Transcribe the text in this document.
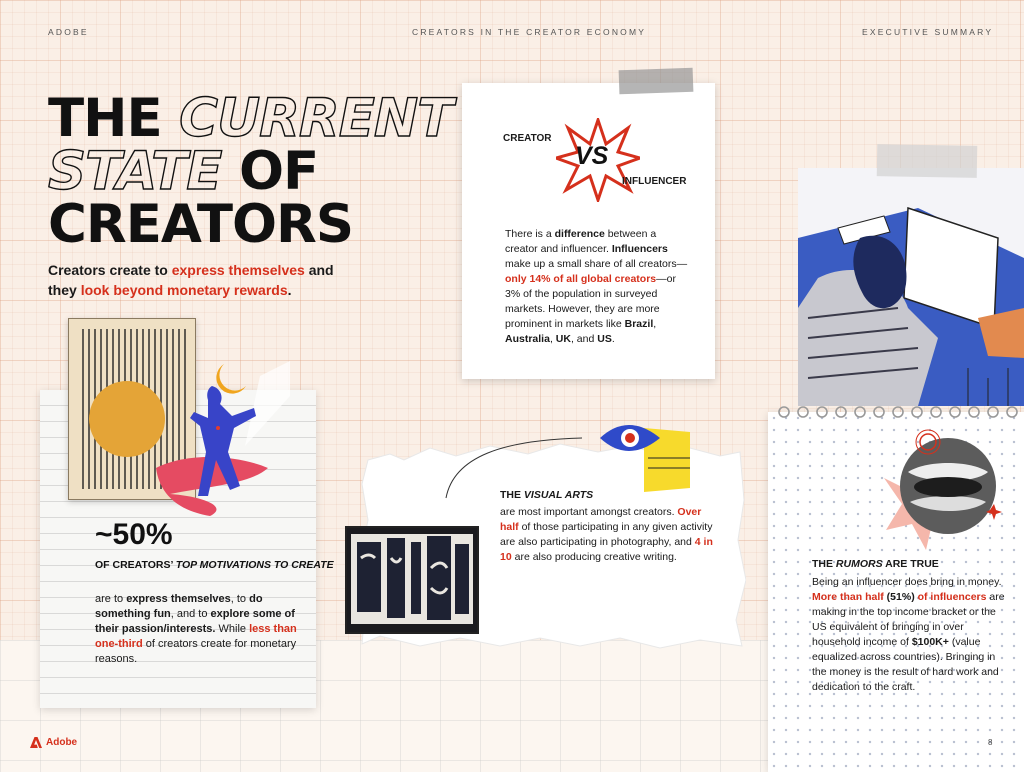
ADOBE	CREATORS IN THE CREATOR ECONOMY	EXECUTIVE SUMMARY
THE CURRENT
STATE OF
CREATORS
Creators create to express themselves and they look beyond monetary rewards.
~50%
OF CREATORS’ TOP MOTIVATIONS TO CREATE
are to express themselves, to do something fun, and to explore some of their passion/interests. While less than one-third of creators create for monetary reasons.
CREATOR
VS
INFLUENCER
There is a difference between a creator and influencer. Influencers make up a small share of all creators—only 14% of all global creators—or 3% of the population in surveyed markets. However, they are more prominent in markets like Brazil, Australia, UK, and US.
THE VISUAL ARTS
are most important amongst creators. Over half of those participating in any given activity are also participating in photography, and 4 in 10 are also producing creative writing.
THE RUMORS ARE TRUE
Being an influencer does bring in money. More than half (51%) of influencers are making in the top income bracket or the US equivalent of bringing in over household income of $100K+ (value equalized across countries). Bringing in the money is the result of hard work and dedication to the craft.
Adobe	8
